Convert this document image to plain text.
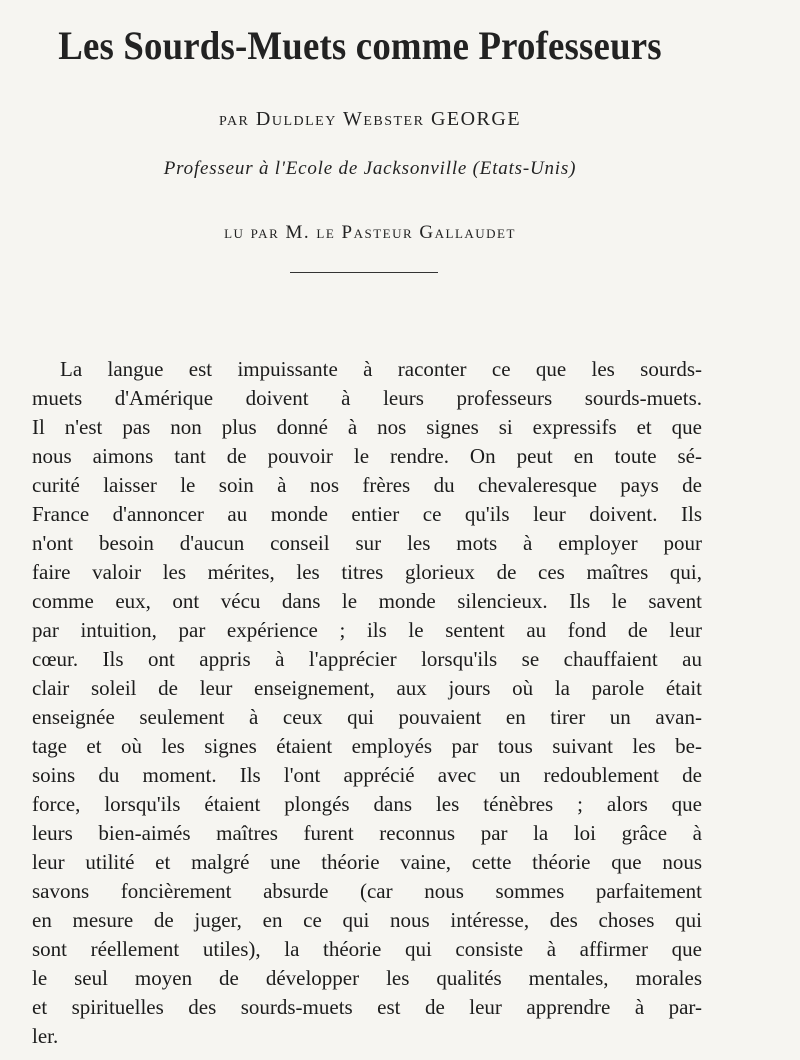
Les Sourds-Muets comme Professeurs
par Duldley Webster GEORGE
Professeur à l'Ecole de Jacksonville (Etats-Unis)
lu par M. le Pasteur Gallaudet
La langue est impuissante à raconter ce que les sourds-
muets d'Amérique doivent à leurs professeurs sourds-muets.
Il n'est pas non plus donné à nos signes si expressifs et que
nous aimons tant de pouvoir le rendre. On peut en toute sé-
curité laisser le soin à nos frères du chevaleresque pays de
France d'annoncer au monde entier ce qu'ils leur doivent. Ils
n'ont besoin d'aucun conseil sur les mots à employer pour
faire valoir les mérites, les titres glorieux de ces maîtres qui,
comme eux, ont vécu dans le monde silencieux. Ils le savent
par intuition, par expérience ; ils le sentent au fond de leur
cœur. Ils ont appris à l'apprécier lorsqu'ils se chauffaient au
clair soleil de leur enseignement, aux jours où la parole était
enseignée seulement à ceux qui pouvaient en tirer un avan-
tage et où les signes étaient employés par tous suivant les be-
soins du moment. Ils l'ont apprécié avec un redoublement de
force, lorsqu'ils étaient plongés dans les ténèbres ; alors que
leurs bien-aimés maîtres furent reconnus par la loi grâce à
leur utilité et malgré une théorie vaine, cette théorie que nous
savons foncièrement absurde (car nous sommes parfaitement
en mesure de juger, en ce qui nous intéresse, des choses qui
sont réellement utiles), la théorie qui consiste à affirmer que
le seul moyen de développer les qualités mentales, morales
et spirituelles des sourds-muets est de leur apprendre à par-
ler.
